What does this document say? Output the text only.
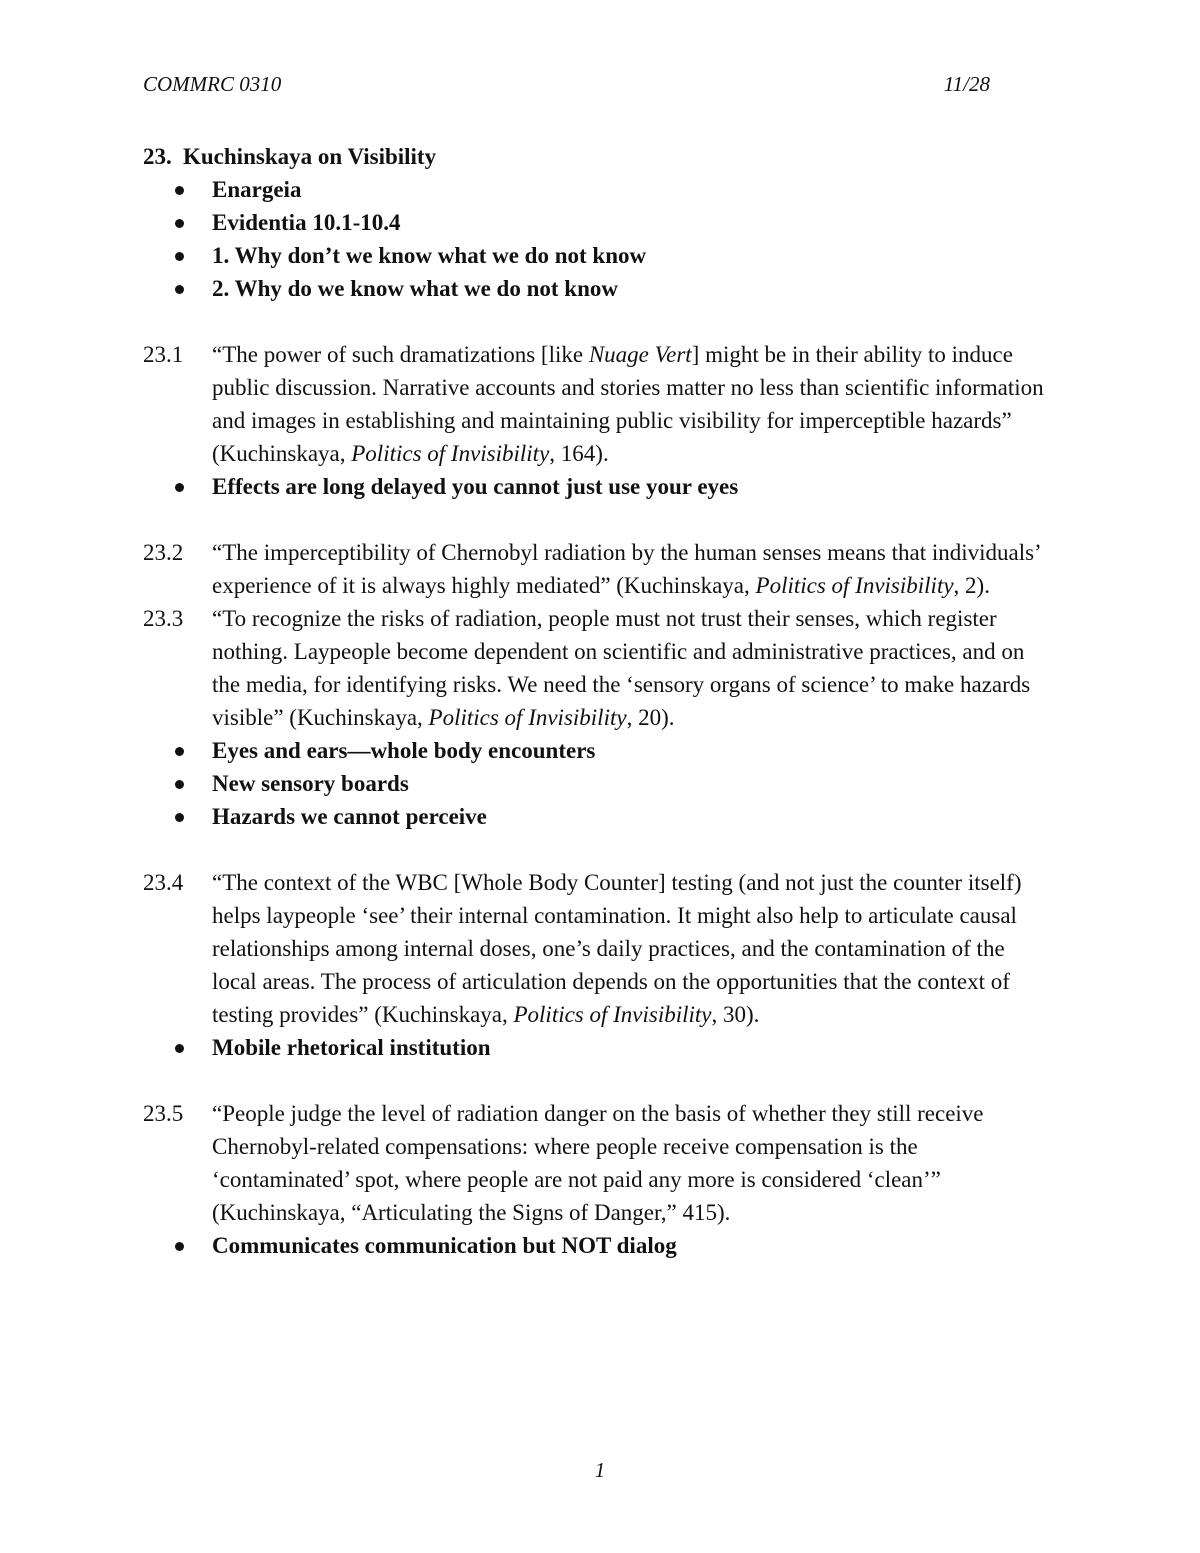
COMMRC 0310	11/28

23. Kuchinskaya on Visibility

Enargeia
Evidentia 10.1-10.4
1. Why don’t we know what we do not know
2. Why do we know what we do not know
23.1	“The power of such dramatizations [like Nuage Vert] might be in their ability to induce public discussion. Narrative accounts and stories matter no less than scientific information and images in establishing and maintaining public visibility for imperceptible hazards” (Kuchinskaya, Politics of Invisibility, 164).
Effects are long delayed you cannot just use your eyes
23.2	“The imperceptibility of Chernobyl radiation by the human senses means that individuals’ experience of it is always highly mediated” (Kuchinskaya, Politics of Invisibility, 2).
23.3	“To recognize the risks of radiation, people must not trust their senses, which register nothing. Laypeople become dependent on scientific and administrative practices, and on the media, for identifying risks. We need the ‘sensory organs of science’ to make hazards visible” (Kuchinskaya, Politics of Invisibility, 20).
Eyes and ears—whole body encounters
New sensory boards
Hazards we cannot perceive
23.4	“The context of the WBC [Whole Body Counter] testing (and not just the counter itself) helps laypeople ‘see’ their internal contamination. It might also help to articulate causal relationships among internal doses, one’s daily practices, and the contamination of the local areas. The process of articulation depends on the opportunities that the context of testing provides” (Kuchinskaya, Politics of Invisibility, 30).
Mobile rhetorical institution
23.5	“People judge the level of radiation danger on the basis of whether they still receive Chernobyl-related compensations: where people receive compensation is the ‘contaminated’ spot, where people are not paid any more is considered ‘clean’” (Kuchinskaya, “Articulating the Signs of Danger,” 415).
Communicates communication but NOT dialog
1
